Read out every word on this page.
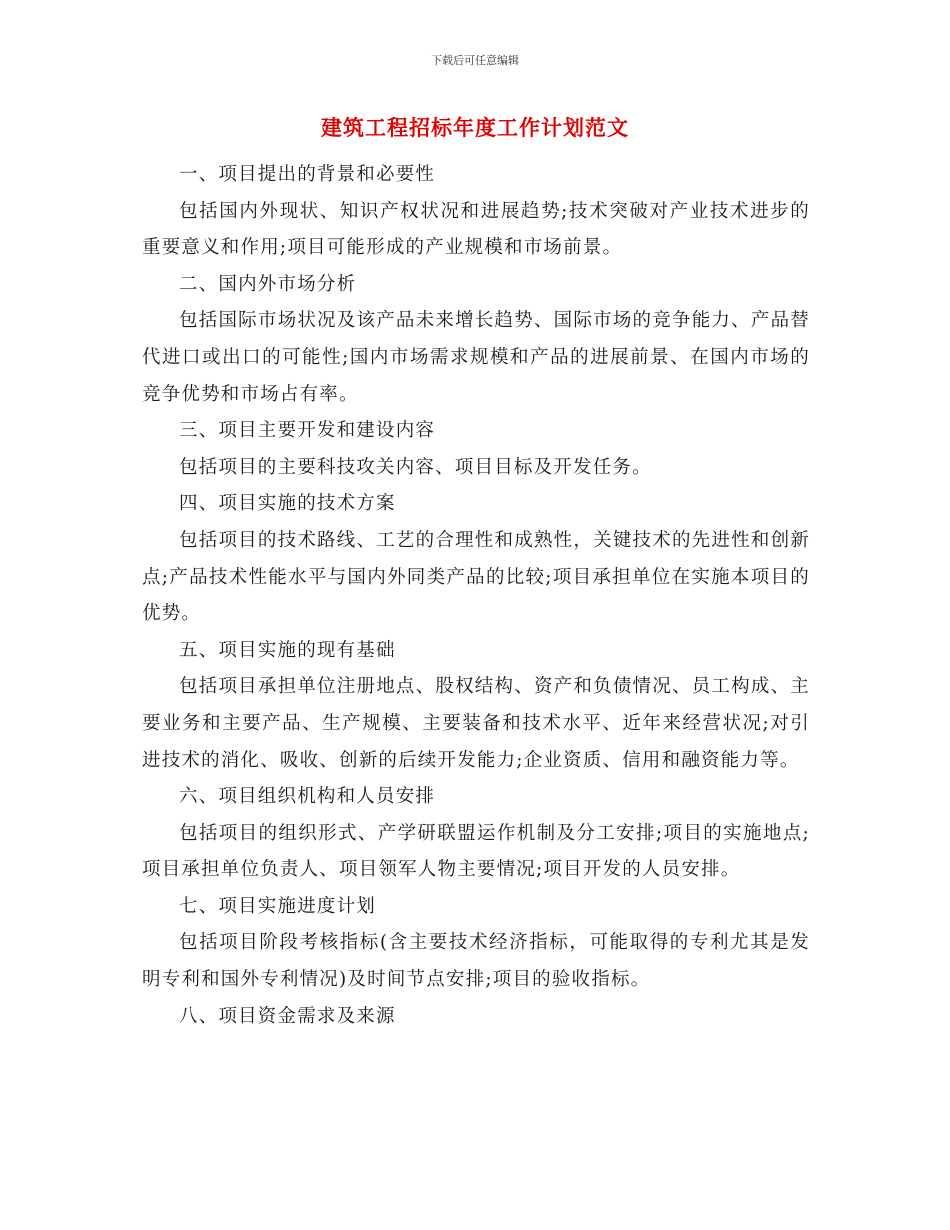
下载后可任意编辑
建筑工程招标年度工作计划范文

一、项目提出的背景和必要性

包括国内外现状、知识产权状况和进展趋势;技术突破对产业技术进步的重要意义和作用;项目可能形成的产业规模和市场前景。

二、国内外市场分析

包括国际市场状况及该产品未来增长趋势、国际市场的竞争能力、产品替代进口或出口的可能性;国内市场需求规模和产品的进展前景、在国内市场的竞争优势和市场占有率。

三、项目主要开发和建设内容

包括项目的主要科技攻关内容、项目目标及开发任务。

四、项目实施的技术方案

包括项目的技术路线、工艺的合理性和成熟性，关键技术的先进性和创新点;产品技术性能水平与国内外同类产品的比较;项目承担单位在实施本项目的优势。

五、项目实施的现有基础

包括项目承担单位注册地点、股权结构、资产和负债情况、员工构成、主要业务和主要产品、生产规模、主要装备和技术水平、近年来经营状况;对引进技术的消化、吸收、创新的后续开发能力;企业资质、信用和融资能力等。

六、项目组织机构和人员安排

包括项目的组织形式、产学研联盟运作机制及分工安排;项目的实施地点;项目承担单位负责人、项目领军人物主要情况;项目开发的人员安排。

七、项目实施进度计划

包括项目阶段考核指标(含主要技术经济指标，可能取得的专利尤其是发明专利和国外专利情况)及时间节点安排;项目的验收指标。

八、项目资金需求及来源
